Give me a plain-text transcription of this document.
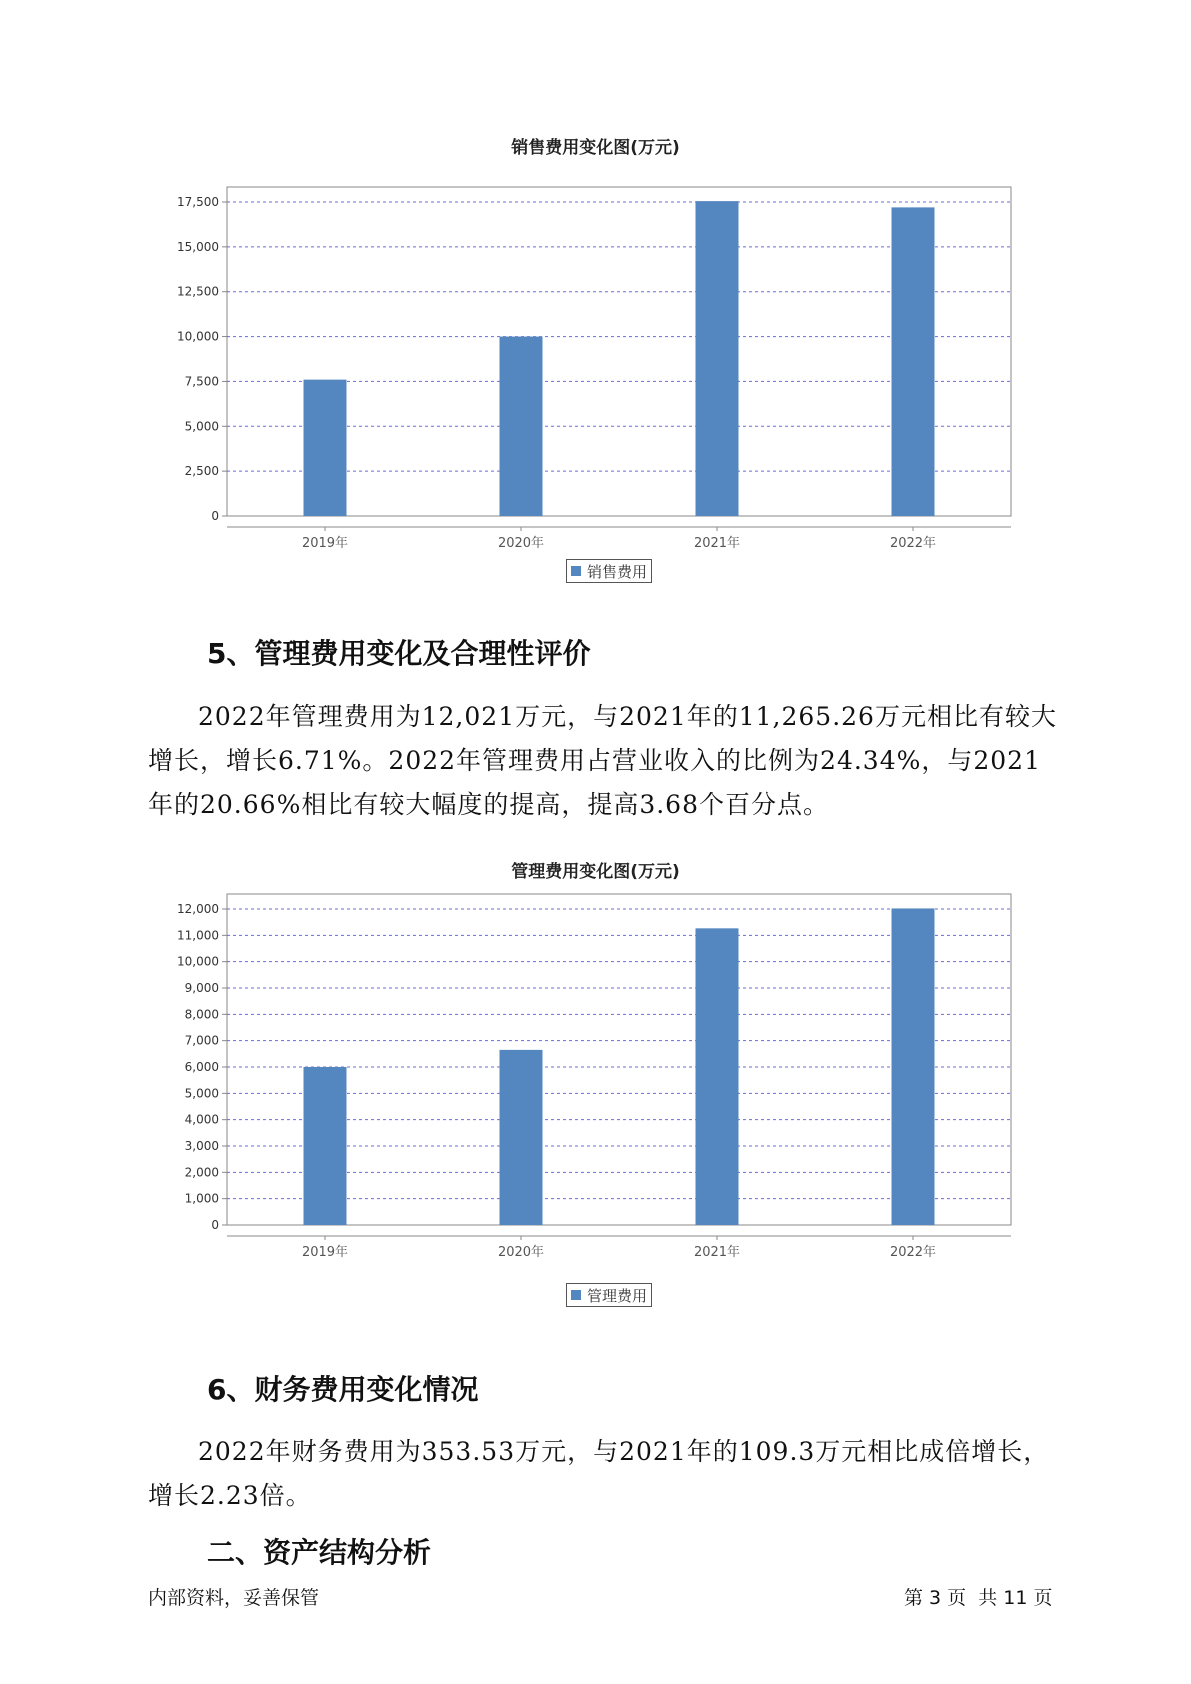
销售费用变化图(万元)
0
2,500
5,000
7,500
10,000
12,500
15,000
17,500
2019年	2020年	2021年	2022年
销售费用
5、管理费用变化及合理性评价

2022年管理费用为12,021万元，与2021年的11,265.26万元相比有较大增长，增长6.71%。2022年管理费用占营业收入的比例为24.34%，与2021年的20.66%相比有较大幅度的提高，提高3.68个百分点。

管理费用变化图(万元)
0
1,000
2,000
3,000
4,000
5,000
6,000
7,000
8,000
9,000
10,000
11,000
12,000
2019年	2020年	2021年	2022年
管理费用
6、财务费用变化情况

2022年财务费用为353.53万元，与2021年的109.3万元相比成倍增长，增长2.23倍。

二、资产结构分析
内部资料，妥善保管	第 3 页  共 11 页
